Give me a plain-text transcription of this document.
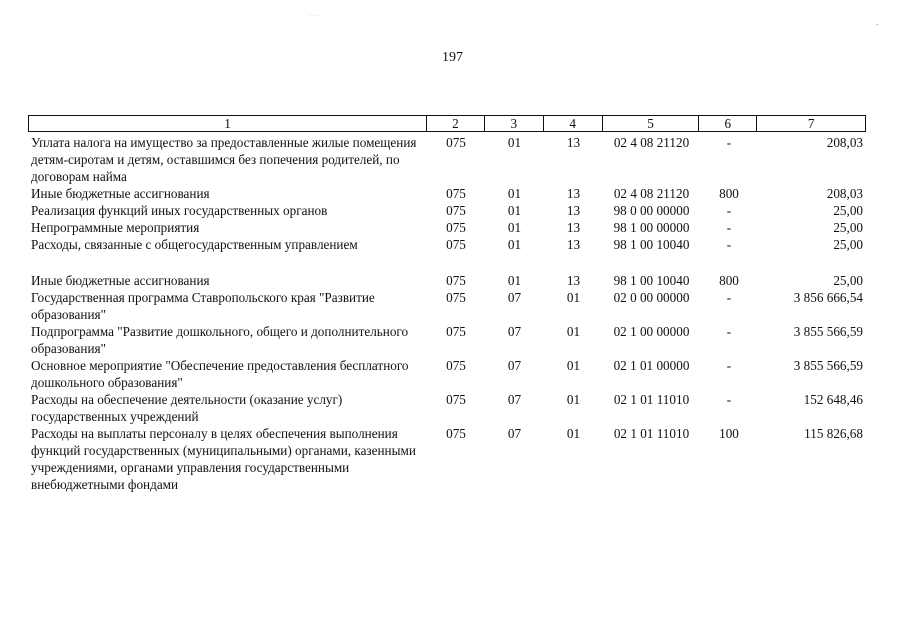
· · ·
-
197
1	2	3	4	5	6	7
Уплата налога на имущество за предоставленные жилые помещения детям-сиротам и детям, оставшимся без попечения родителей, по договорам найма
075	01	13	02 4 08 21120	-	208,03
Иные бюджетные ассигнования	075	01	13	02 4 08 21120	800	208,03
Реализация функций иных государственных органов	075	01	13	98 0 00 00000	-	25,00
Непрограммные мероприятия	075	01	13	98 1 00 00000	-	25,00
Расходы, связанные с общегосударственным управлением	075	01	13	98 1 00 10040	-	25,00
Иные бюджетные ассигнования	075	01	13	98 1 00 10040	800	25,00
Государственная программа Ставропольского края "Развитие образования"
075	07	01	02 0 00 00000	-	3 856 666,54
Подпрограмма "Развитие дошкольного, общего и дополнительного образования"
075	07	01	02 1 00 00000	-	3 855 566,59
Основное мероприятие "Обеспечение предоставления бесплатного дошкольного образования"
075	07	01	02 1 01 00000	-	3 855 566,59
Расходы на обеспечение деятельности (оказание услуг) государственных учреждений
075	07	01	02 1 01 11010	-	152 648,46
Расходы на выплаты персоналу в целях обеспечения выполнения функций государственных (муниципальными) органами, казенными учреждениями, органами управления государственными внебюджетными фондами
075	07	01	02 1 01 11010	100	115 826,68
